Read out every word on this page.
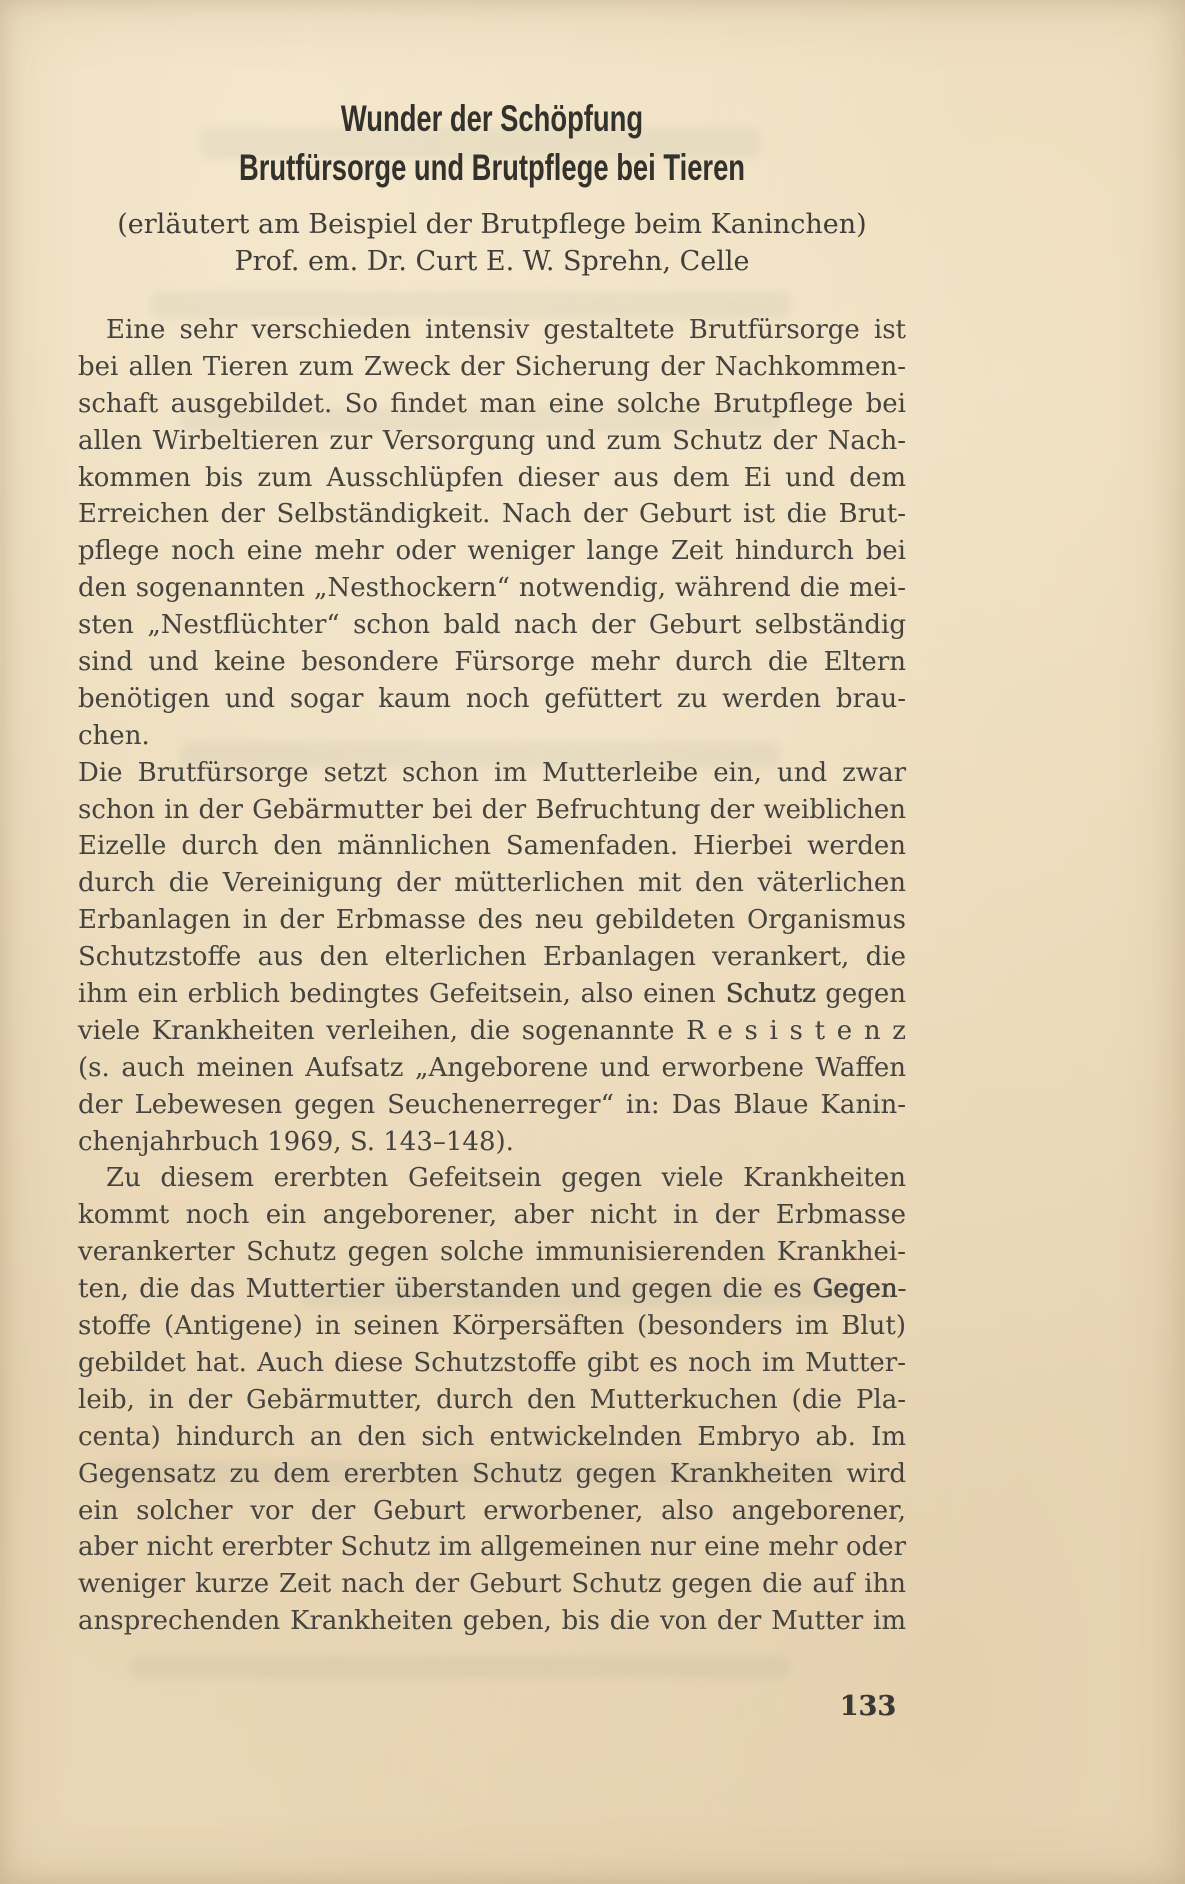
Wunder der Schöpfung
Brutfürsorge und Brutpflege bei Tieren
(erläutert am Beispiel der Brutpflege beim Kaninchen)
Prof. em. Dr. Curt E. W. Sprehn, Celle
Eine sehr verschieden intensiv gestaltete Brutfürsorge ist
bei allen Tieren zum Zweck der Sicherung der Nachkommen-
schaft ausgebildet. So findet man eine solche Brutpflege bei
allen Wirbeltieren zur Versorgung und zum Schutz der Nach-
kommen bis zum Ausschlüpfen dieser aus dem Ei und dem
Erreichen der Selbständigkeit. Nach der Geburt ist die Brut-
pflege noch eine mehr oder weniger lange Zeit hindurch bei
den sogenannten „Nesthockern“ notwendig, während die mei-
sten „Nestflüchter“ schon bald nach der Geburt selbständig
sind und keine besondere Fürsorge mehr durch die Eltern
benötigen und sogar kaum noch gefüttert zu werden brau-
chen.
Die Brutfürsorge setzt schon im Mutterleibe ein, und zwar
schon in der Gebärmutter bei der Befruchtung der weiblichen
Eizelle durch den männlichen Samenfaden. Hierbei werden
durch die Vereinigung der mütterlichen mit den väterlichen
Erbanlagen in der Erbmasse des neu gebildeten Organismus
Schutzstoffe aus den elterlichen Erbanlagen verankert, die
ihm ein erblich bedingtes Gefeitsein, also einen Schutz gegen
viele Krankheiten verleihen, die sogenannte R e s i s t e n z
(s. auch meinen Aufsatz „Angeborene und erworbene Waffen
der Lebewesen gegen Seuchenerreger“ in: Das Blaue Kanin-
chenjahrbuch 1969, S. 143–148).
Zu diesem ererbten Gefeitsein gegen viele Krankheiten
kommt noch ein angeborener, aber nicht in der Erbmasse
verankerter Schutz gegen solche immunisierenden Krankhei-
ten, die das Muttertier überstanden und gegen die es Gegen-
stoffe (Antigene) in seinen Körpersäften (besonders im Blut)
gebildet hat. Auch diese Schutzstoffe gibt es noch im Mutter-
leib, in der Gebärmutter, durch den Mutterkuchen (die Pla-
centa) hindurch an den sich entwickelnden Embryo ab. Im
Gegensatz zu dem ererbten Schutz gegen Krankheiten wird
ein solcher vor der Geburt erworbener, also angeborener,
aber nicht ererbter Schutz im allgemeinen nur eine mehr oder
weniger kurze Zeit nach der Geburt Schutz gegen die auf ihn
ansprechenden Krankheiten geben, bis die von der Mutter im
133
